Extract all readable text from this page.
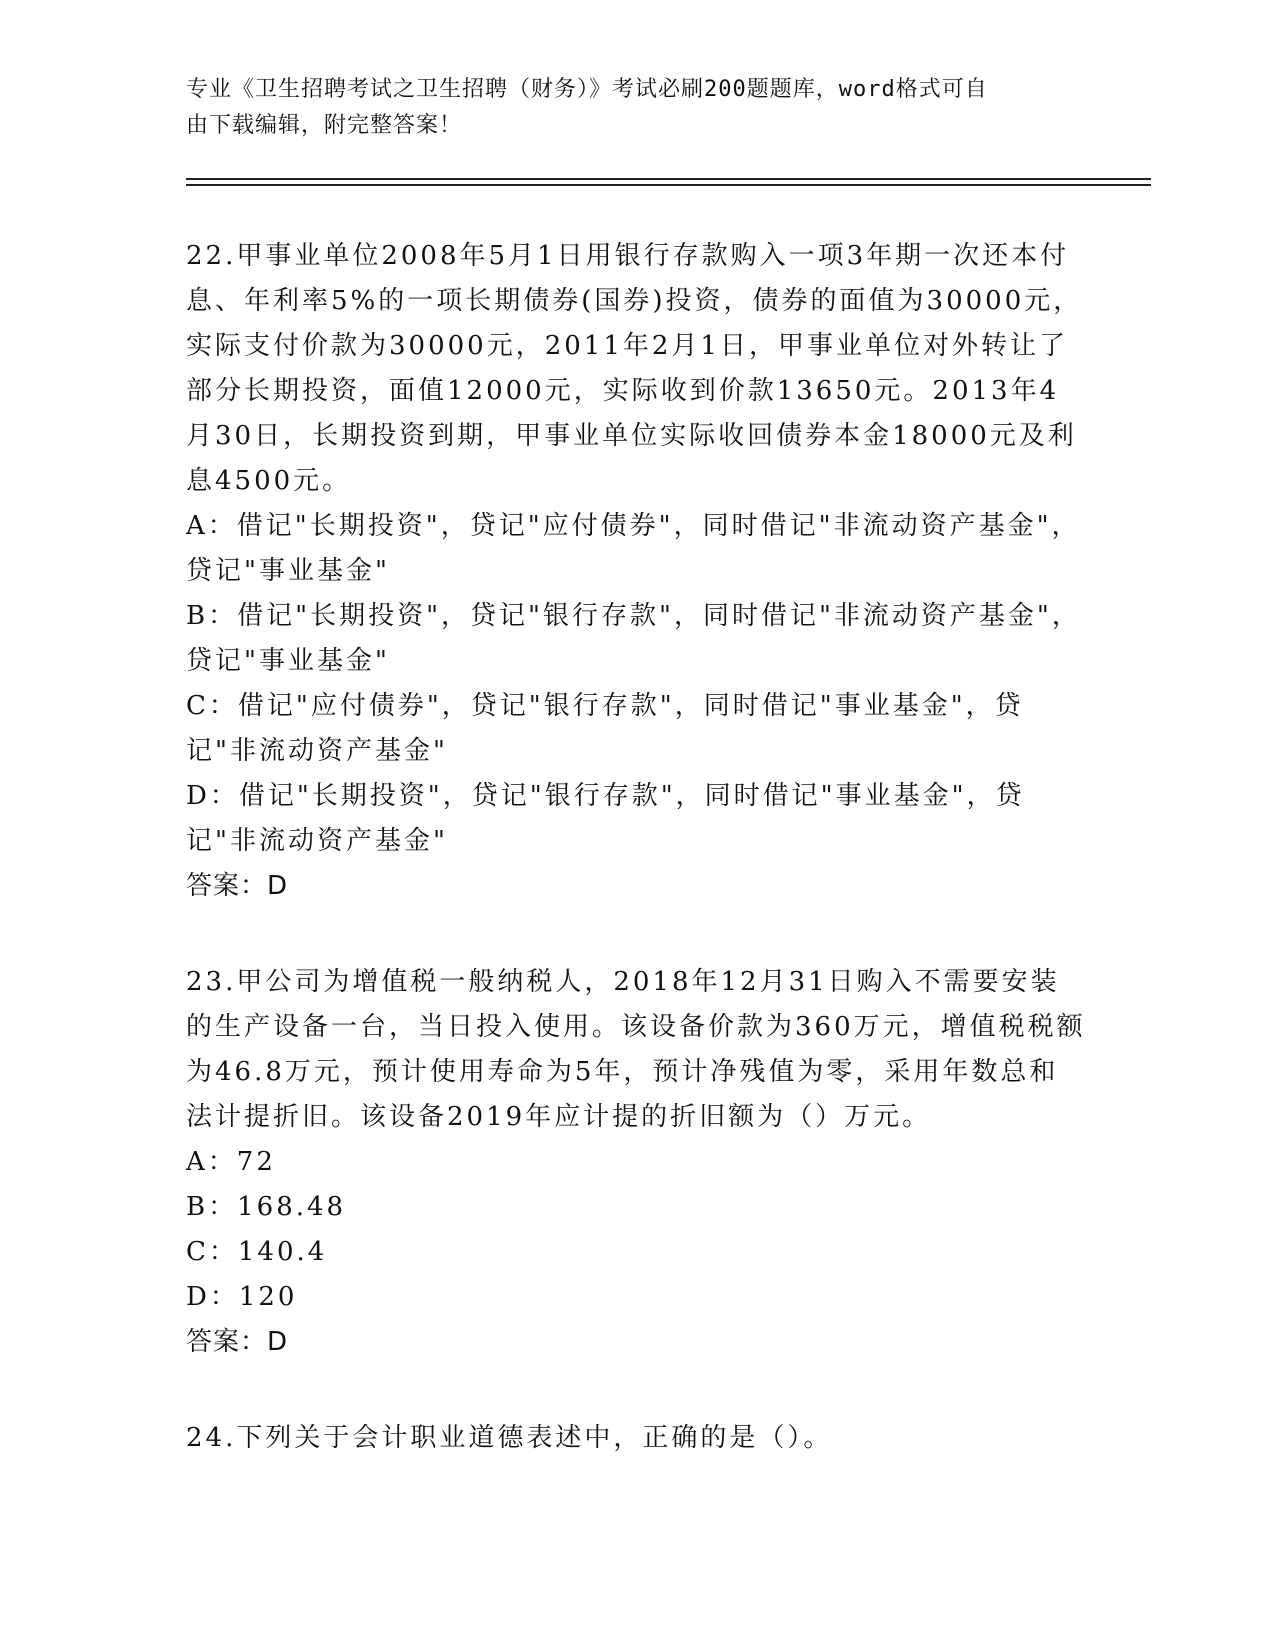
专业《卫生招聘考试之卫生招聘（财务）》考试必刷200题题库，word格式可自
由下载编辑，附完整答案！

22.甲事业单位2008年5月1日用银行存款购入一项3年期一次还本付息、年利率5%的一项长期债券(国券)投资，债券的面值为30000元，实际支付价款为30000元，2011年2月1日，甲事业单位对外转让了部分长期投资，面值12000元，实际收到价款13650元。2013年4月30日，长期投资到期，甲事业单位实际收回债券本金18000元及利息4500元。

A：借记"长期投资"，贷记"应付债券"，同时借记"非流动资产基金"，贷记"事业基金"

B：借记"长期投资"，贷记"银行存款"，同时借记"非流动资产基金"，贷记"事业基金"

C：借记"应付债券"，贷记"银行存款"，同时借记"事业基金"，贷记"非流动资产基金"

D：借记"长期投资"，贷记"银行存款"，同时借记"事业基金"，贷记"非流动资产基金"

答案：D

23.甲公司为增值税一般纳税人，2018年12月31日购入不需要安装的生产设备一台，当日投入使用。该设备价款为360万元，增值税税额为46.8万元，预计使用寿命为5年，预计净残值为零，采用年数总和法计提折旧。该设备2019年应计提的折旧额为（）万元。

A：72

B：168.48

C：140.4

D：120

答案：D

24.下列关于会计职业道德表述中，正确的是（）。
